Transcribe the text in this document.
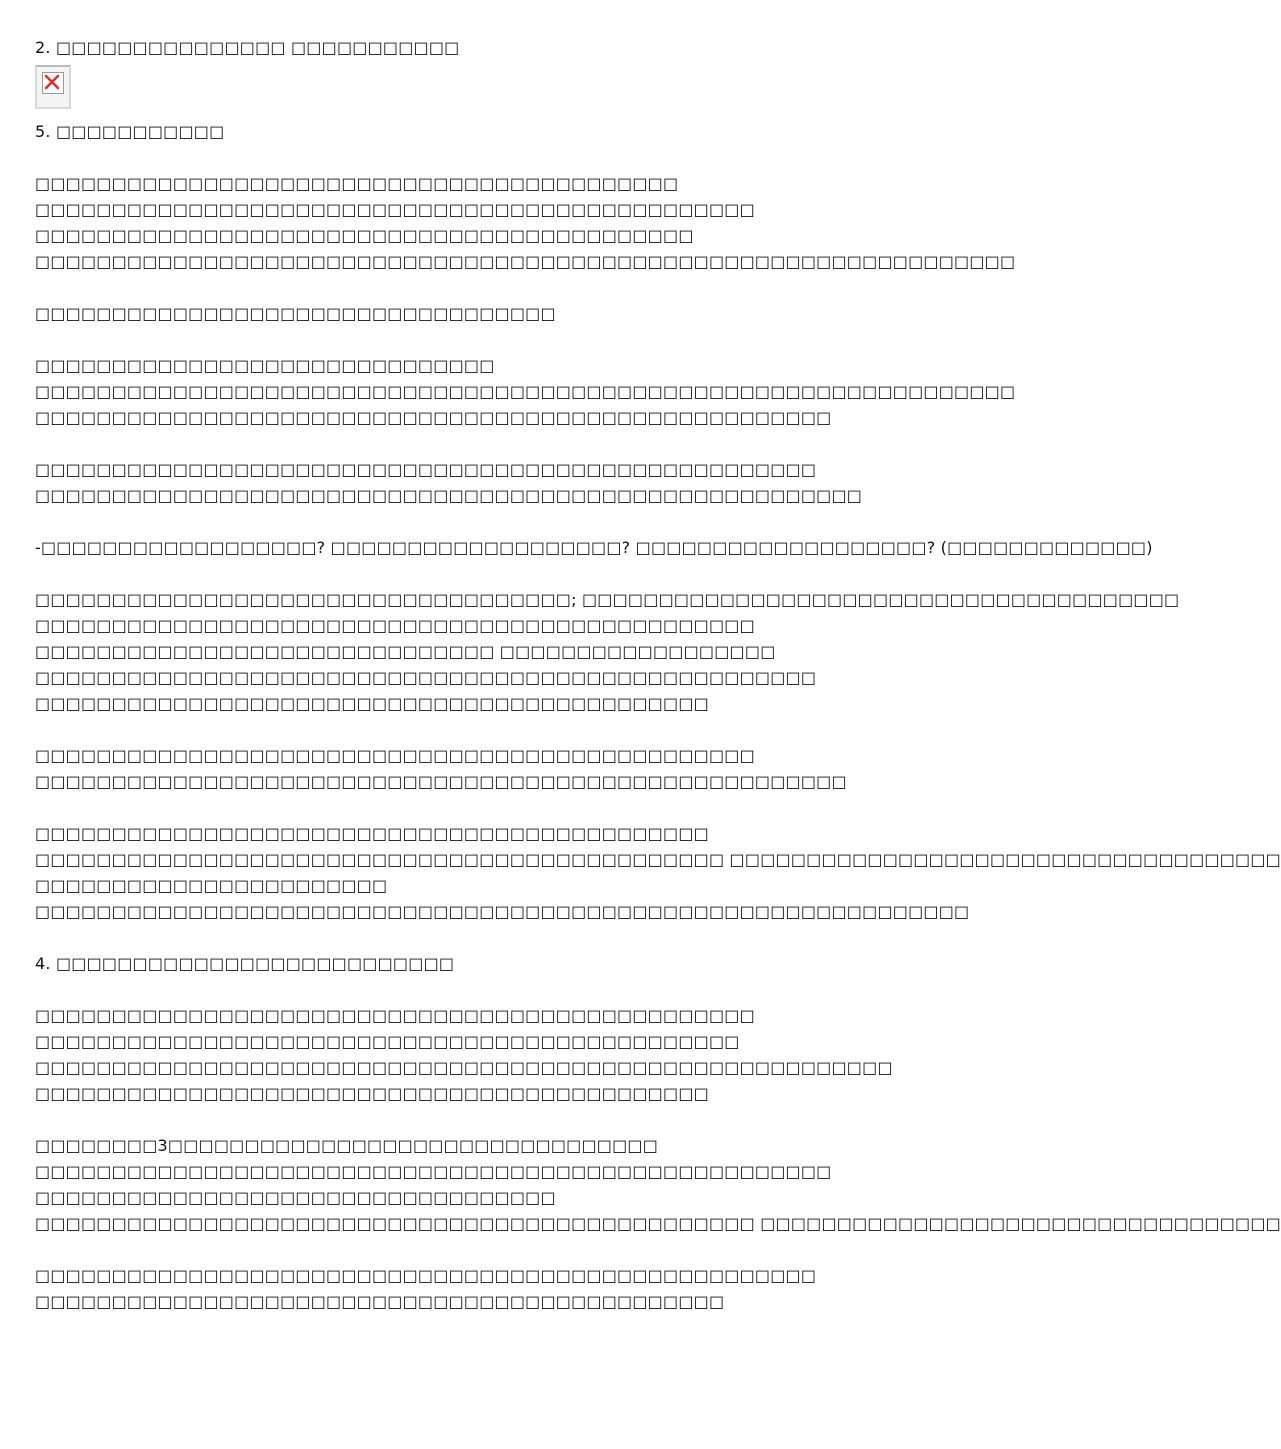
2. □□□□□□□□□□□□□□□ □□□□□□□□□□□
5. □□□□□□□□□□□
□□□□□□□□□□□□□□□□□□□□□□□□□□□□□□□□□□□□□□□□□□
□□□□□□□□□□□□□□□□□□□□□□□□□□□□□□□□□□□□□□□□□□□□□□□
□□□□□□□□□□□□□□□□□□□□□□□□□□□□□□□□□□□□□□□□□□□
□□□□□□□□□□□□□□□□□□□□□□□□□□□□□□□□□□□□□□□□□□□□□□□□□□□□□□□□□□□□□□□□
□□□□□□□□□□□□□□□□□□□□□□□□□□□□□□□□□□
□□□□□□□□□□□□□□□□□□□□□□□□□□□□□□
□□□□□□□□□□□□□□□□□□□□□□□□□□□□□□□□□□□□□□□□□□□□□□□□□□□□□□□□□□□□□□□□
□□□□□□□□□□□□□□□□□□□□□□□□□□□□□□□□□□□□□□□□□□□□□□□□□□□□
□□□□□□□□□□□□□□□□□□□□□□□□□□□□□□□□□□□□□□□□□□□□□□□□□□□
□□□□□□□□□□□□□□□□□□□□□□□□□□□□□□□□□□□□□□□□□□□□□□□□□□□□□□
-□□□□□□□□□□□□□□□□□□? □□□□□□□□□□□□□□□□□□□? □□□□□□□□□□□□□□□□□□□? (□□□□□□□□□□□□□)
□□□□□□□□□□□□□□□□□□□□□□□□□□□□□□□□□□□; □□□□□□□□□□□□□□□□□□□□□□□□□□□□□□□□□□□□□□□
□□□□□□□□□□□□□□□□□□□□□□□□□□□□□□□□□□□□□□□□□□□□□□□
□□□□□□□□□□□□□□□□□□□□□□□□□□□□□□ □□□□□□□□□□□□□□□□□□
□□□□□□□□□□□□□□□□□□□□□□□□□□□□□□□□□□□□□□□□□□□□□□□□□□□
□□□□□□□□□□□□□□□□□□□□□□□□□□□□□□□□□□□□□□□□□□□□
□□□□□□□□□□□□□□□□□□□□□□□□□□□□□□□□□□□□□□□□□□□□□□□
□□□□□□□□□□□□□□□□□□□□□□□□□□□□□□□□□□□□□□□□□□□□□□□□□□□□□
□□□□□□□□□□□□□□□□□□□□□□□□□□□□□□□□□□□□□□□□□□□□
□□□□□□□□□□□□□□□□□□□□□□□□□□□□□□□□□□□□□□□□□□□□□ □□□□□□□□□□□□□□□□□□□□□□□□□□□□□□□□□□□□
□□□□□□□□□□□□□□□□□□□□□□□
□□□□□□□□□□□□□□□□□□□□□□□□□□□□□□□□□□□□□□□□□□□□□□□□□□□□□□□□□□□□□
4. □□□□□□□□□□□□□□□□□□□□□□□□□□
□□□□□□□□□□□□□□□□□□□□□□□□□□□□□□□□□□□□□□□□□□□□□□□
□□□□□□□□□□□□□□□□□□□□□□□□□□□□□□□□□□□□□□□□□□□□□□
□□□□□□□□□□□□□□□□□□□□□□□□□□□□□□□□□□□□□□□□□□□□□□□□□□□□□□□□
□□□□□□□□□□□□□□□□□□□□□□□□□□□□□□□□□□□□□□□□□□□□
□□□□□□□□3□□□□□□□□□□□□□□□□□□□□□□□□□□□□□□□□
□□□□□□□□□□□□□□□□□□□□□□□□□□□□□□□□□□□□□□□□□□□□□□□□□□□□
□□□□□□□□□□□□□□□□□□□□□□□□□□□□□□□□□□
□□□□□□□□□□□□□□□□□□□□□□□□□□□□□□□□□□□□□□□□□□□□□□□ □□□□□□□□□□□□□□□□□□□□□□□□□□□□□□□□□□
□□□□□□□□□□□□□□□□□□□□□□□□□□□□□□□□□□□□□□□□□□□□□□□□□□□
□□□□□□□□□□□□□□□□□□□□□□□□□□□□□□□□□□□□□□□□□□□□□
